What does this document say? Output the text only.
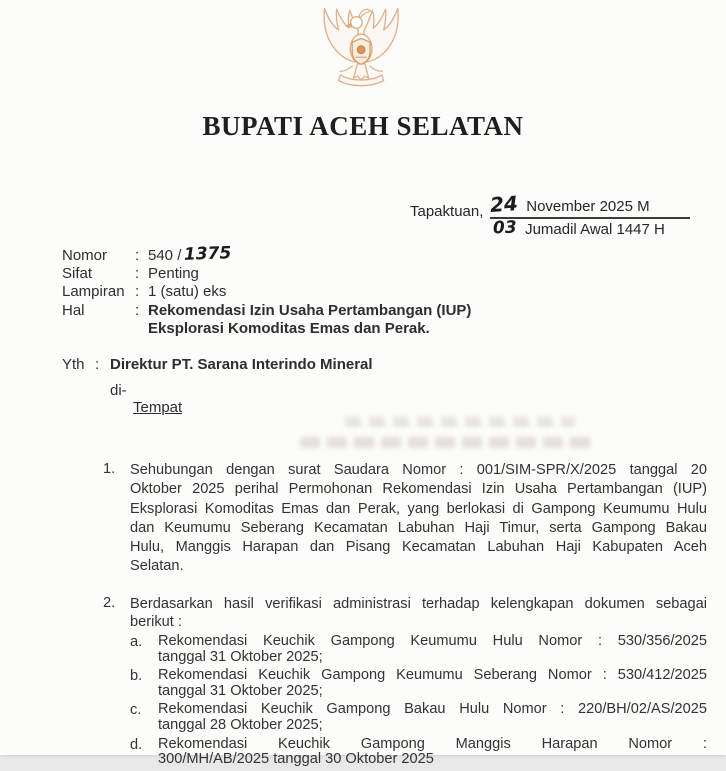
BUPATI ACEH SELATAN
Tapaktuan, 24 November 2025 M
03 Jumadil Awal 1447 H
Nomor	: 540 / 1375
Sifat	: Penting
Lampiran : 1 (satu) eks
Hal	: Rekomendasi Izin Usaha Pertambangan (IUP)
Eksplorasi Komoditas Emas dan Perak.
Yth : Direktur PT. Sarana Interindo Mineral
di-
Tempat
1.	Sehubungan dengan surat Saudara Nomor : 001/SIM-SPR/X/2025 tanggal 20
Oktober 2025 perihal Permohonan Rekomendasi Izin Usaha Pertambangan (IUP)
Eksplorasi Komoditas Emas dan Perak, yang berlokasi di Gampong Keumumu Hulu
dan Keumumu Seberang Kecamatan Labuhan Haji Timur, serta Gampong Bakau
Hulu, Manggis Harapan dan Pisang Kecamatan Labuhan Haji Kabupaten Aceh
Selatan.
2.	Berdasarkan hasil verifikasi administrasi terhadap kelengkapan dokumen sebagai
berikut :
a.	Rekomendasi Keuchik Gampong Keumumu Hulu Nomor : 530/356/2025
tanggal 31 Oktober 2025;
b.	Rekomendasi Keuchik Gampong Keumumu Seberang Nomor : 530/412/2025
tanggal 31 Oktober 2025;
c.	Rekomendasi Keuchik Gampong Bakau Hulu Nomor : 220/BH/02/AS/2025
tanggal 28 Oktober 2025;
d.	Rekomendasi Keuchik Gampong Manggis Harapan Nomor :
300/MH/AB/2025 tanggal 30 Oktober 2025
